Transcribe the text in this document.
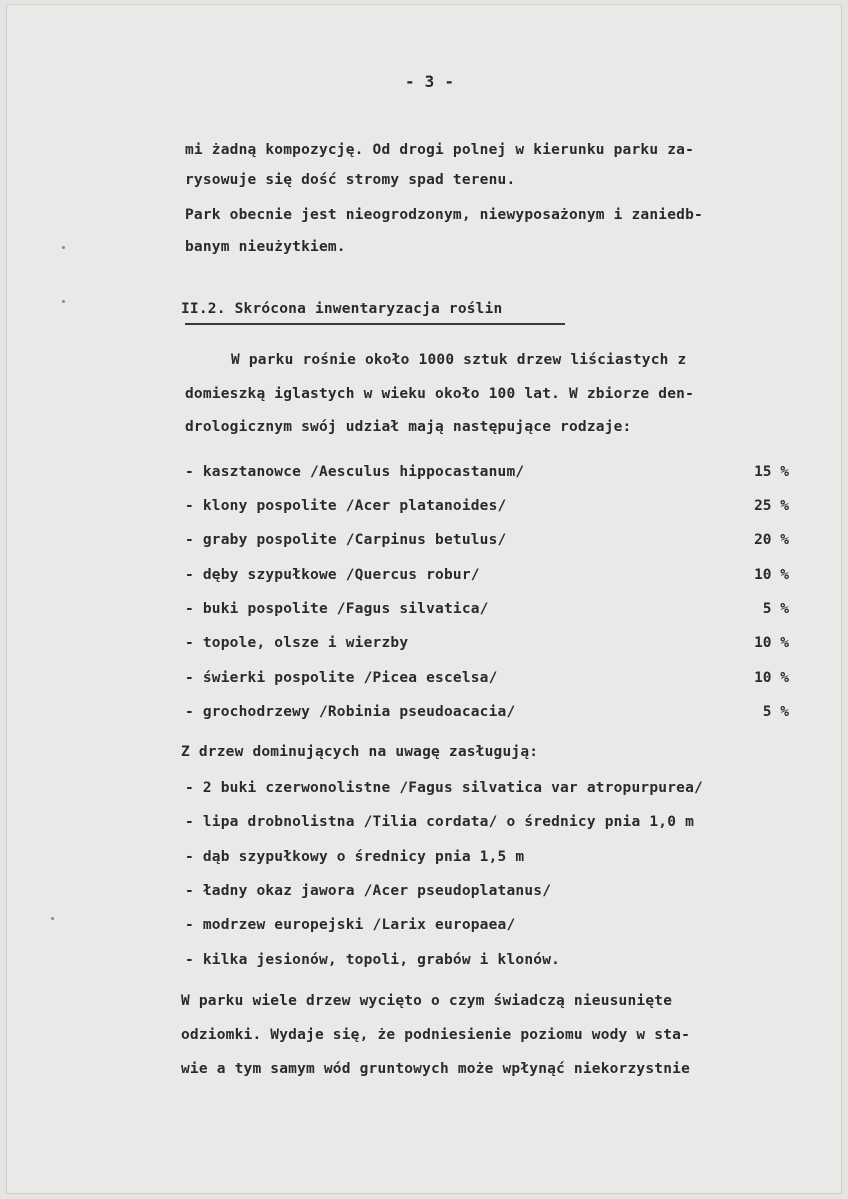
- 3 -
mi żadną kompozycję. Od drogi polnej w kierunku parku za-
rysowuje się dość stromy spad terenu.
Park obecnie jest nieogrodzonym, niewyposażonym i zaniedb-
banym nieużytkiem.
II.2. Skrócona inwentaryzacja roślin
W parku rośnie około 1000 sztuk drzew liściastych z
domieszką iglastych w wieku około 100 lat. W zbiorze den-
drologicznym swój udział mają następujące rodzaje:
- kasztanowce /Aesculus hippocastanum/	15 %
- klony pospolite /Acer platanoides/	25 %
- graby pospolite /Carpinus betulus/	20 %
- dęby szypułkowe /Quercus robur/	10 %
- buki pospolite /Fagus silvatica/	5 %
- topole, olsze i wierzby	10 %
- świerki pospolite /Picea escelsa/	10 %
- grochodrzewy /Robinia pseudoacacia/	5 %
Z drzew dominujących na uwagę zasługują:
- 2 buki czerwonolistne /Fagus silvatica var atropurpurea/
- lipa drobnolistna /Tilia cordata/ o średnicy pnia 1,0 m
- dąb szypułkowy o średnicy pnia 1,5 m
- ładny okaz jawora /Acer pseudoplatanus/
- modrzew europejski /Larix europaea/
- kilka jesionów, topoli, grabów i klonów.
W parku wiele drzew wycięto o czym świadczą nieusunięte
odziomki. Wydaje się, że podniesienie poziomu wody w sta-
wie a tym samym wód gruntowych może wpłynąć niekorzystnie
